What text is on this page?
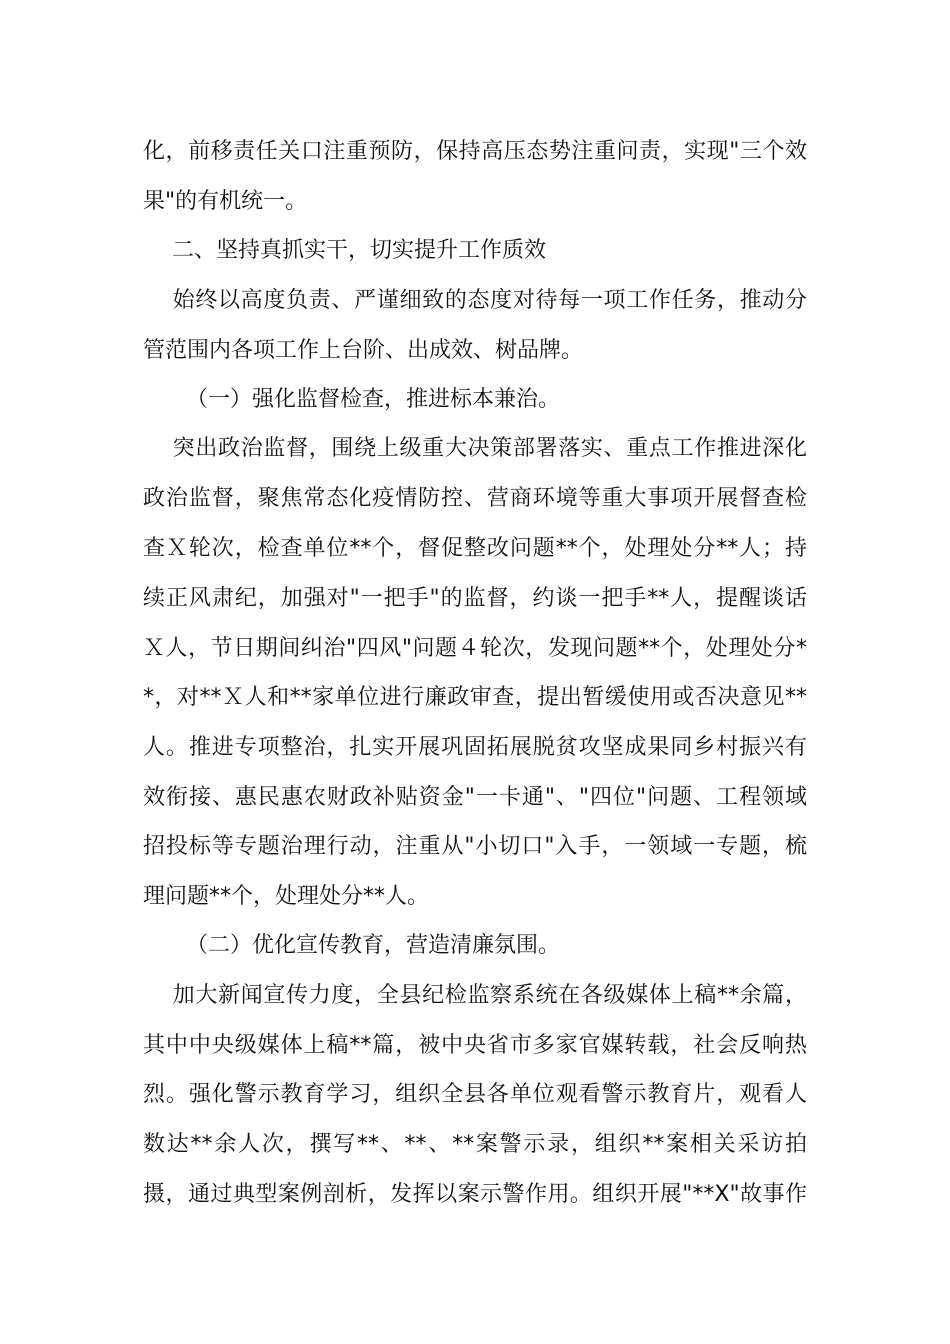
化，前移责任关口注重预防，保持高压态势注重问责，实现"三个效
果"的有机统一。
　二、坚持真抓实干，切实提升工作质效
　始终以高度负责、严谨细致的态度对待每一项工作任务，推动分
管范围内各项工作上台阶、出成效、树品牌。
　　（一）强化监督检查，推进标本兼治。
　突出政治监督，围绕上级重大决策部署落实、重点工作推进深化
政治监督，聚焦常态化疫情防控、营商环境等重大事项开展督查检
查Ｘ轮次，检查单位**个，督促整改问题**个，处理处分**人；持
续正风肃纪，加强对"一把手"的监督，约谈一把手**人，提醒谈话
Ｘ人，节日期间纠治"四风"问题４轮次，发现问题**个，处理处分*
*，对**Ｘ人和**家单位进行廉政审查，提出暂缓使用或否决意见**
人。推进专项整治，扎实开展巩固拓展脱贫攻坚成果同乡村振兴有
效衔接、惠民惠农财政补贴资金"一卡通"、"四位"问题、工程领域
招投标等专题治理行动，注重从"小切口"入手，一领域一专题，梳
理问题**个，处理处分**人。
　　（二）优化宣传教育，营造清廉氛围。
　加大新闻宣传力度，全县纪检监察系统在各级媒体上稿**余篇，
其中中央级媒体上稿**篇，被中央省市多家官媒转载，社会反响热
烈。强化警示教育学习，组织全县各单位观看警示教育片，观看人
数达**余人次，撰写**、**、**案警示录，组织**案相关采访拍
摄，通过典型案例剖析，发挥以案示警作用。组织开展"**X"故事作
